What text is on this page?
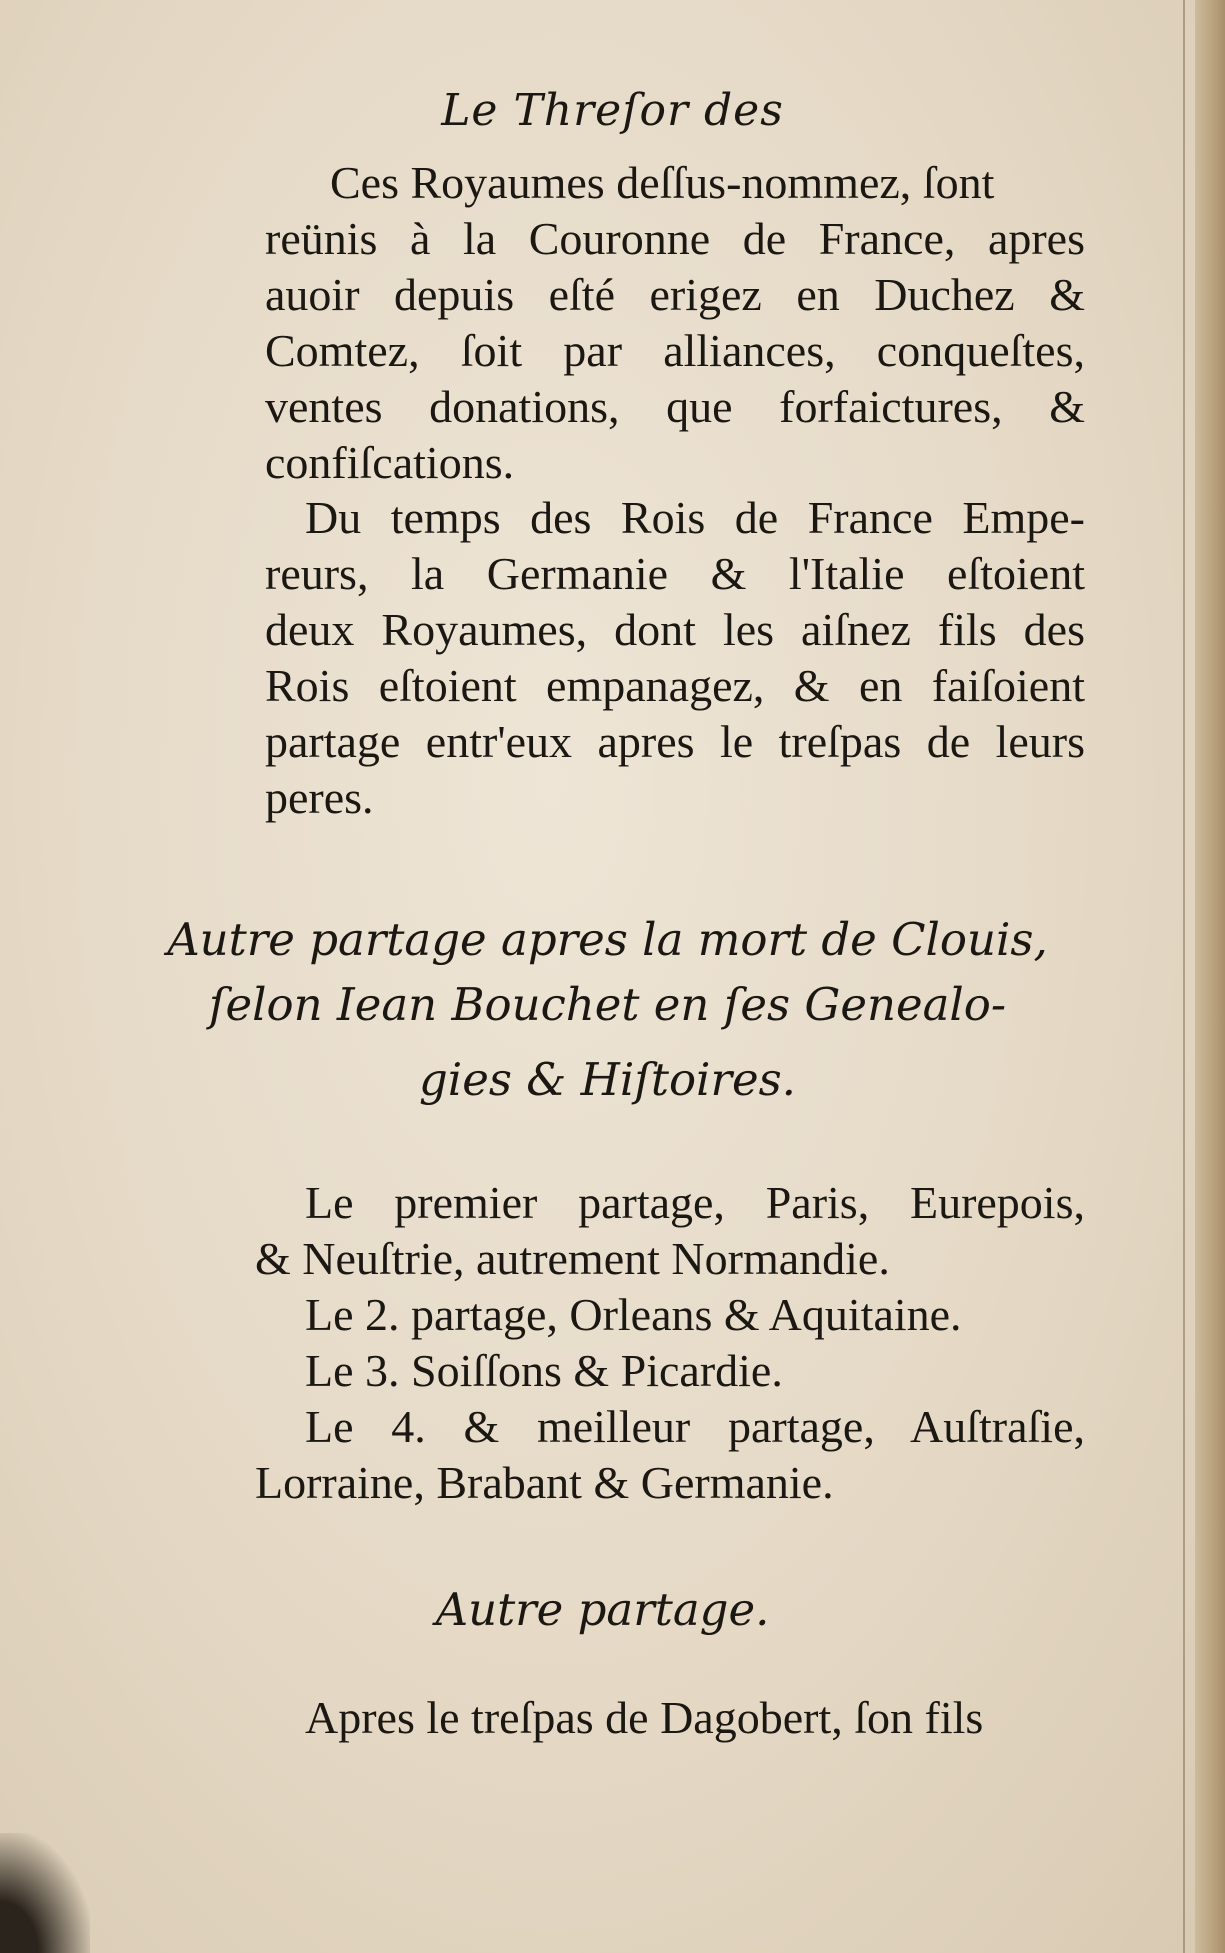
Le Threſor des
Ces Royaumes deſſus-nommez, ſont
reünis à la Couronne de France, apres
auoir depuis eſté erigez en Duchez &
Comtez, ſoit par alliances, conqueſtes,
ventes donations, que forfaictures, &
confiſcations.
Du temps des Rois de France Empe-
reurs, la Germanie & l'Italie eſtoient
deux Royaumes, dont les aiſnez fils des
Rois eſtoient empanagez, & en faiſoient
partage entr'eux apres le treſpas de leurs
peres.
Autre partage apres la mort de Clouis,
ſelon Iean Bouchet en ſes Genealo-
gies & Hiſtoires.
Le premier partage, Paris, Eurepois,
& Neuſtrie, autrement Normandie.
Le 2. partage, Orleans & Aquitaine.
Le 3. Soiſſons & Picardie.
Le 4. & meilleur partage, Auſtraſie,
Lorraine, Brabant & Germanie.
Autre partage.
Apres le treſpas de Dagobert, ſon fils
